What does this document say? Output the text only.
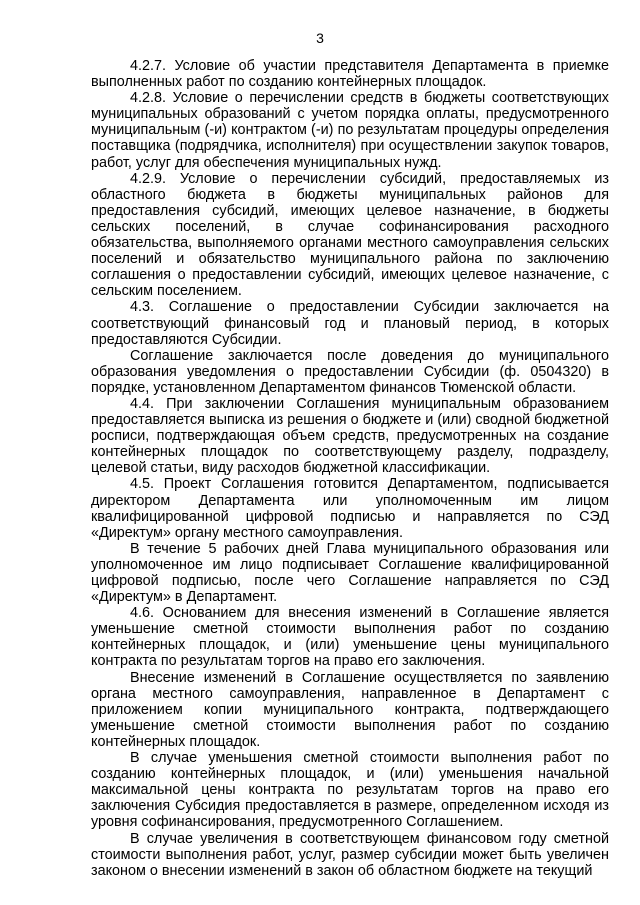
3

4.2.7. Условие об участии представителя Департамента в приемке выполненных работ по созданию контейнерных площадок.

4.2.8. Условие о перечислении средств в бюджеты соответствующих муниципальных образований с учетом порядка оплаты, предусмотренного муниципальным (-и) контрактом (-и) по результатам процедуры определения поставщика (подрядчика, исполнителя) при осуществлении закупок товаров, работ, услуг для обеспечения муниципальных нужд.

4.2.9. Условие о перечислении субсидий, предоставляемых из областного бюджета в бюджеты муниципальных районов для предоставления субсидий, имеющих целевое назначение, в бюджеты сельских поселений, в случае софинансирования расходного обязательства, выполняемого органами местного самоуправления сельских поселений и обязательство муниципального района по заключению соглашения о предоставлении субсидий, имеющих целевое назначение, с сельским поселением.

4.3. Соглашение о предоставлении Субсидии заключается на соответствующий финансовый год и плановый период, в которых предоставляются Субсидии.

Соглашение заключается после доведения до муниципального образования уведомления о предоставлении Субсидии (ф. 0504320) в порядке, установленном Департаментом финансов Тюменской области.

4.4. При заключении Соглашения муниципальным образованием предоставляется выписка из решения о бюджете и (или) сводной бюджетной росписи, подтверждающая объем средств, предусмотренных на создание контейнерных площадок по соответствующему разделу, подразделу, целевой статьи, виду расходов бюджетной классификации.

4.5. Проект Соглашения готовится Департаментом, подписывается директором Департамента или уполномоченным им лицом квалифицированной цифровой подписью и направляется по СЭД «Директум» органу местного самоуправления.

В течение 5 рабочих дней Глава муниципального образования или уполномоченное им лицо подписывает Соглашение квалифицированной цифровой подписью, после чего Соглашение направляется по СЭД «Директум» в Департамент.

4.6. Основанием для внесения изменений в Соглашение является уменьшение сметной стоимости выполнения работ по созданию контейнерных площадок, и (или) уменьшение цены муниципального контракта по результатам торгов на право его заключения.

Внесение изменений в Соглашение осуществляется по заявлению органа местного самоуправления, направленное в Департамент с приложением копии муниципального контракта, подтверждающего уменьшение сметной стоимости выполнения работ по созданию контейнерных площадок.

В случае уменьшения сметной стоимости выполнения работ по созданию контейнерных площадок, и (или) уменьшения начальной максимальной цены контракта по результатам торгов на право его заключения Субсидия предоставляется в размере, определенном исходя из уровня софинансирования, предусмотренного Соглашением.

В случае увеличения в соответствующем финансовом году сметной стоимости выполнения работ, услуг, размер субсидии может быть увеличен законом о внесении изменений в закон об областном бюджете на текущий
